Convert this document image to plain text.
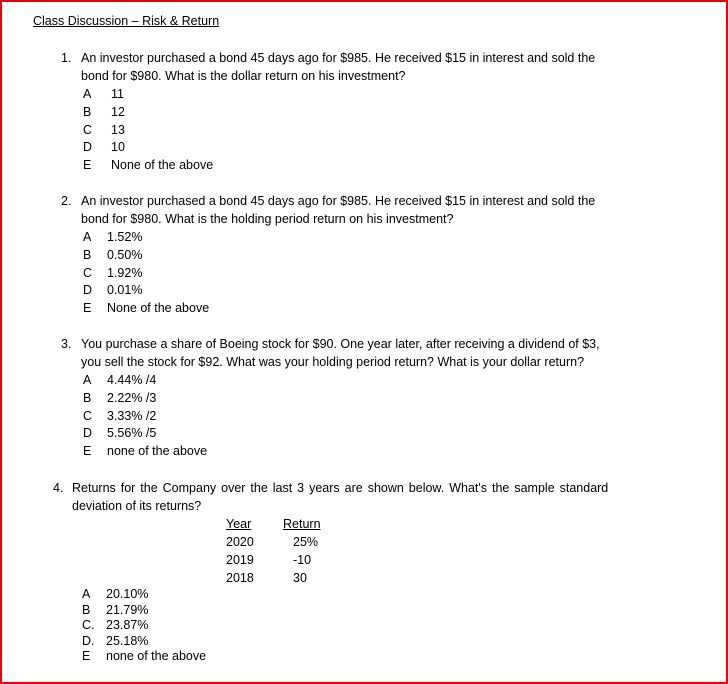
Class Discussion – Risk & Return
1. An investor purchased a bond 45 days ago for $985. He received $15 in interest and sold the
bond for $980. What is the dollar return on his investment?
A 11
B 12
C 13
D 10
E None of the above
2. An investor purchased a bond 45 days ago for $985. He received $15 in interest and sold the
bond for $980. What is the holding period return on his investment?
A 1.52%
B 0.50%
C 1.92%
D 0.01%
E None of the above
3. You purchase a share of Boeing stock for $90. One year later, after receiving a dividend of $3,
you sell the stock for $92. What was your holding period return? What is your dollar return?
A 4.44% /4
B 2.22% /3
C 3.33% /2
D 5.56% /5
E none of the above
4. Returns for the Company over the last 3 years are shown below. What's the sample standard
deviation of its returns?
Year
2020
2019
2018
Return
25%
-10
30
A 20.10%
B 21.79%
C. 23.87%
D. 25.18%
E none of the above
